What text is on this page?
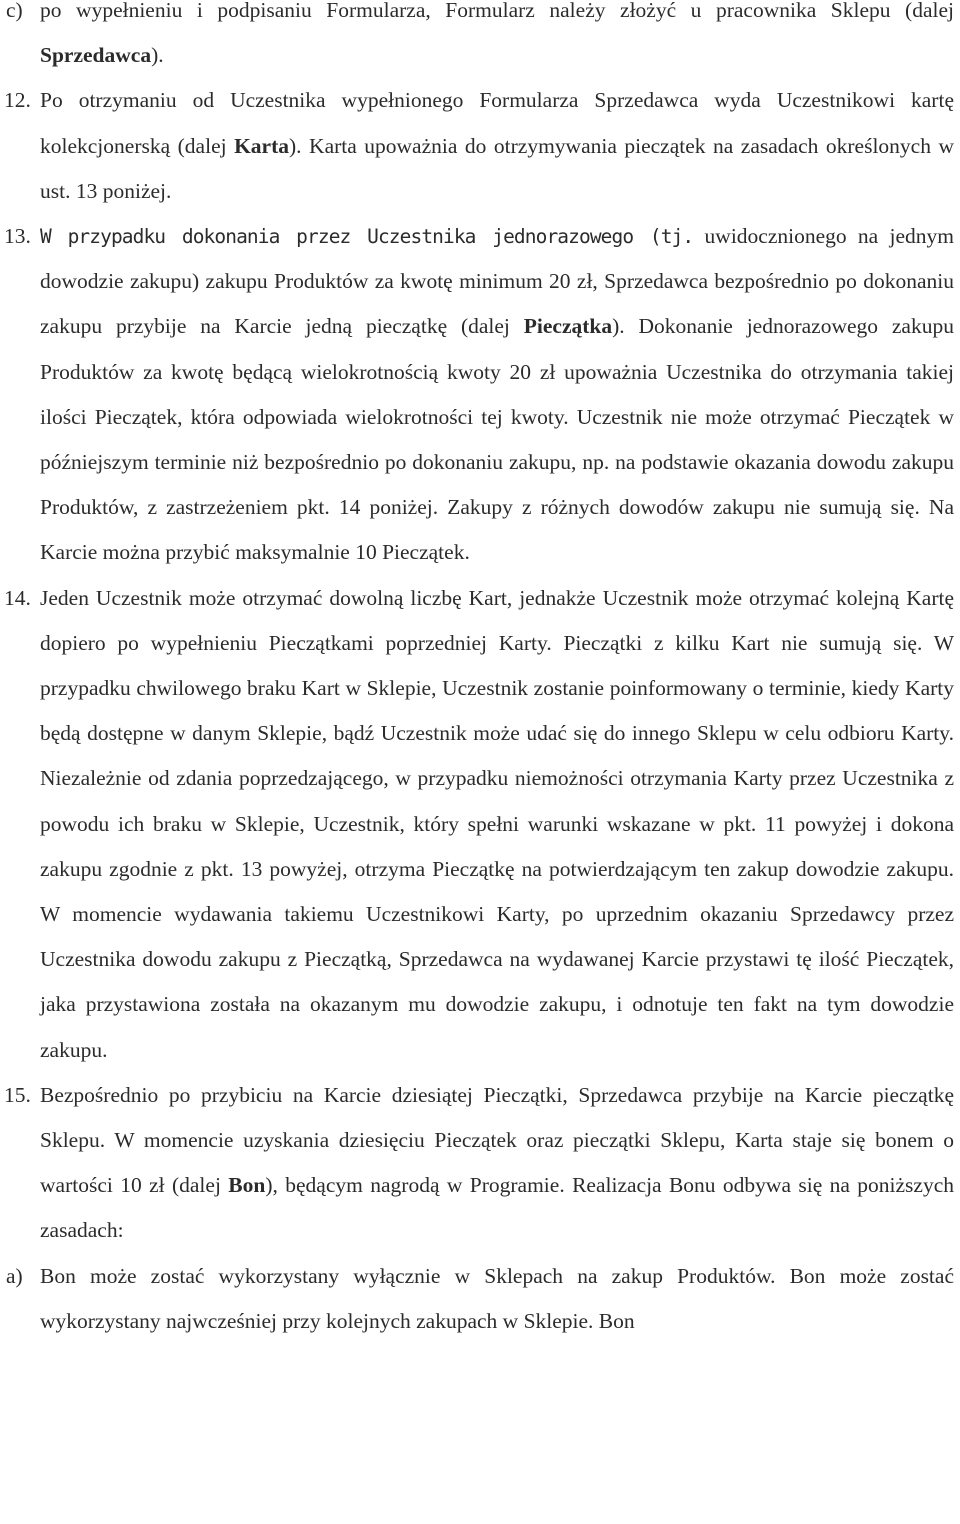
c) po wypełnieniu i podpisaniu Formularza, Formularz należy złożyć u pracownika Sklepu (dalej Sprzedawca).

12. Po otrzymaniu od Uczestnika wypełnionego Formularza Sprzedawca wyda Uczestnikowi kartę kolekcjonerską (dalej Karta). Karta upoważnia do otrzymywania pieczątek na zasadach określonych w ust. 13 poniżej.

13. W przypadku dokonania przez Uczestnika jednorazowego (tj. uwidocznionego na jednym dowodzie zakupu) zakupu Produktów za kwotę minimum 20 zł, Sprzedawca bezpośrednio po dokonaniu zakupu przybije na Karcie jedną pieczątkę (dalej Pieczątka). Dokonanie jednorazowego zakupu Produktów za kwotę będącą wielokrotnością kwoty 20 zł upoważnia Uczestnika do otrzymania takiej ilości Pieczątek, która odpowiada wielokrotności tej kwoty. Uczestnik nie może otrzymać Pieczątek w późniejszym terminie niż bezpośrednio po dokonaniu zakupu, np. na podstawie okazania dowodu zakupu Produktów, z zastrzeżeniem pkt. 14 poniżej. Zakupy z różnych dowodów zakupu nie sumują się. Na Karcie można przybić maksymalnie 10 Pieczątek.

14. Jeden Uczestnik może otrzymać dowolną liczbę Kart, jednakże Uczestnik może otrzymać kolejną Kartę dopiero po wypełnieniu Pieczątkami poprzedniej Karty. Pieczątki z kilku Kart nie sumują się. W przypadku chwilowego braku Kart w Sklepie, Uczestnik zostanie poinformowany o terminie, kiedy Karty będą dostępne w danym Sklepie, bądź Uczestnik może udać się do innego Sklepu w celu odbioru Karty. Niezależnie od zdania poprzedzającego, w przypadku niemożności otrzymania Karty przez Uczestnika z powodu ich braku w Sklepie, Uczestnik, który spełni warunki wskazane w pkt. 11 powyżej i dokona zakupu zgodnie z pkt. 13 powyżej, otrzyma Pieczątkę na potwierdzającym ten zakup dowodzie zakupu. W momencie wydawania takiemu Uczestnikowi Karty, po uprzednim okazaniu Sprzedawcy przez Uczestnika dowodu zakupu z Pieczątką, Sprzedawca na wydawanej Karcie przystawi tę ilość Pieczątek, jaka przystawiona została na okazanym mu dowodzie zakupu, i odnotuje ten fakt na tym dowodzie zakupu.

15. Bezpośrednio po przybiciu na Karcie dziesiątej Pieczątki, Sprzedawca przybije na Karcie pieczątkę Sklepu. W momencie uzyskania dziesięciu Pieczątek oraz pieczątki Sklepu, Karta staje się bonem o wartości 10 zł (dalej Bon), będącym nagrodą w Programie. Realizacja Bonu odbywa się na poniższych zasadach:

a) Bon może zostać wykorzystany wyłącznie w Sklepach na zakup Produktów. Bon może zostać wykorzystany najwcześniej przy kolejnych zakupach w Sklepie. Bon
